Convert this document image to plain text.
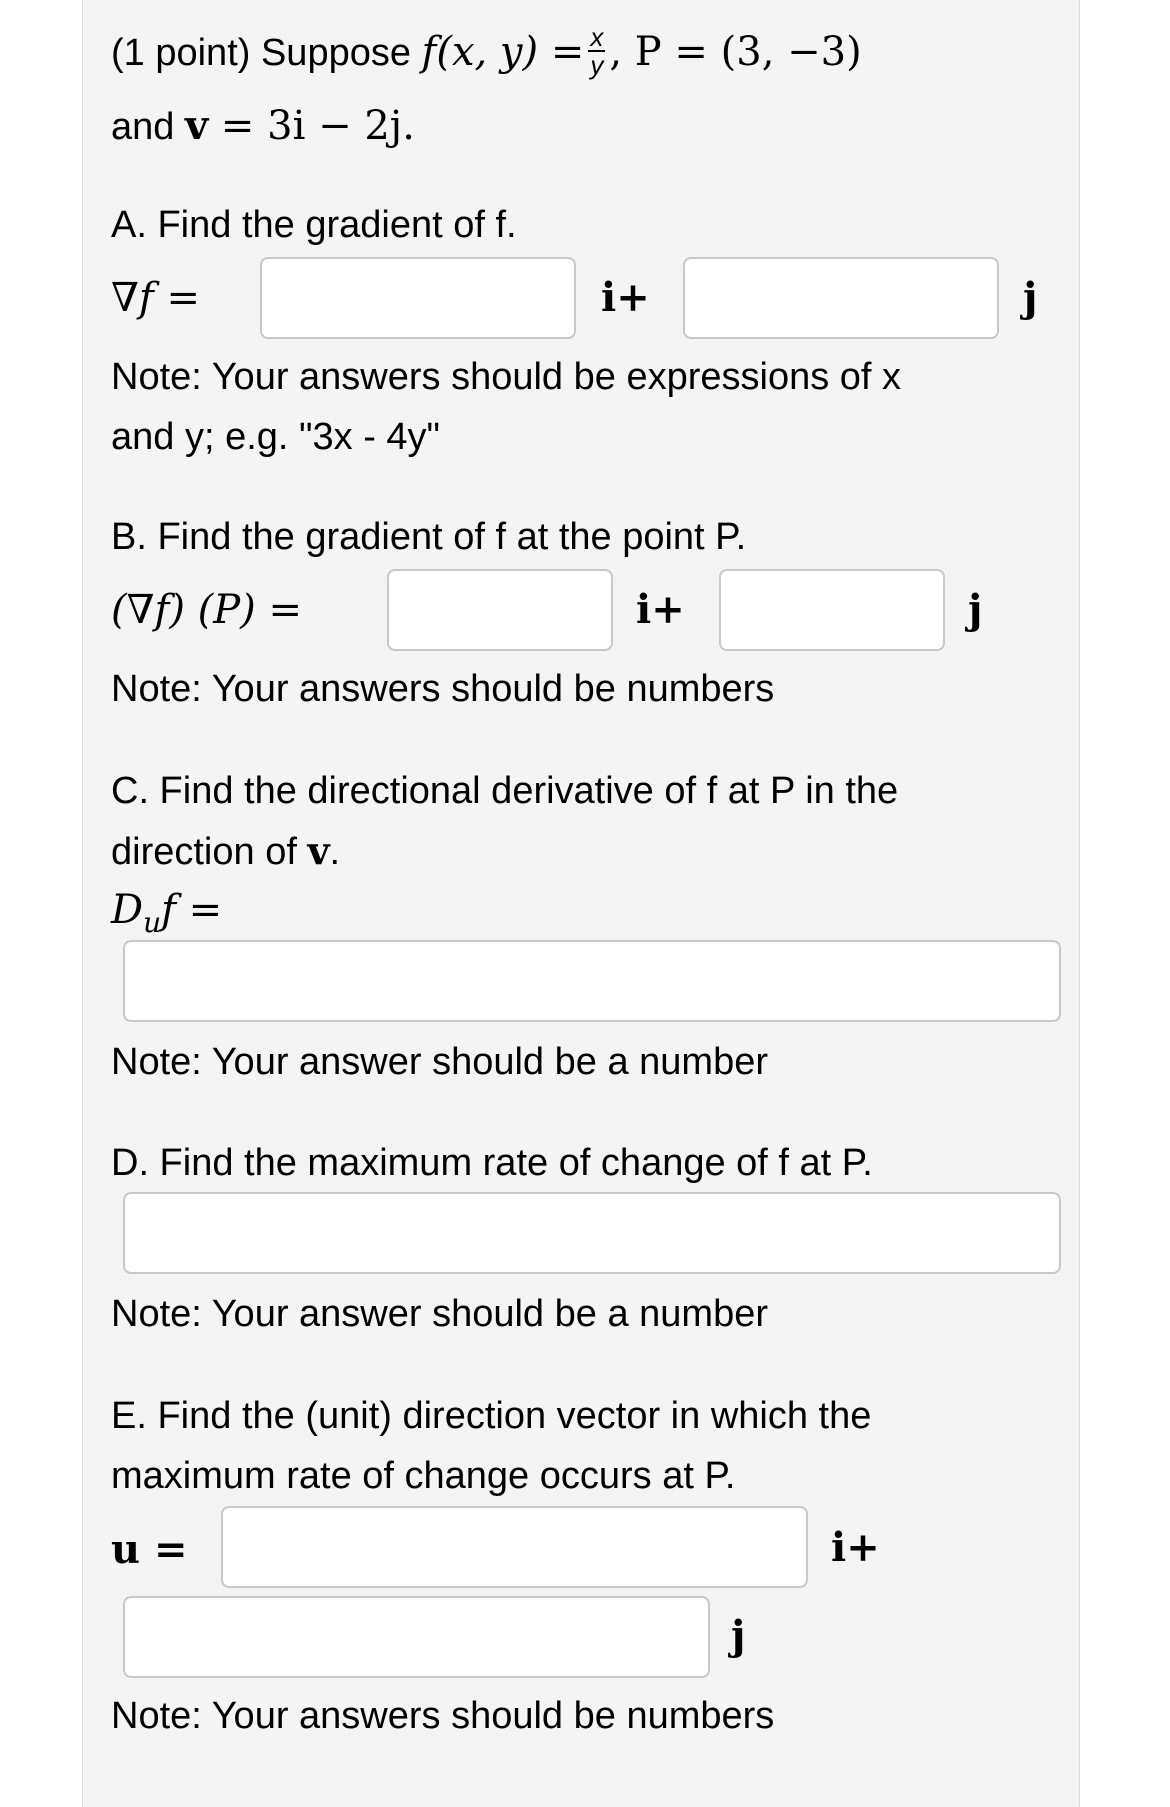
(1 point) Suppose f(x, $y) = \frac{x}{y}$ , P = (3, −3)
and v = 3i − 2j.
A. Find the gradient of f.
∇f =	i+	j
Note: Your answers should be expressions of x
and y; e.g. "3x - 4y"
B. Find the gradient of f at the point P.
(∇f) (P) =	i+	j
Note: Your answers should be numbers
C. Find the directional derivative of f at P in the
direction of v.
$D_uf$ =
Note: Your answer should be a number
D. Find the maximum rate of change of f at P.
Note: Your answer should be a number
E. Find the (unit) direction vector in which the
maximum rate of change occurs at P.
u =	i+
j
Note: Your answers should be numbers
